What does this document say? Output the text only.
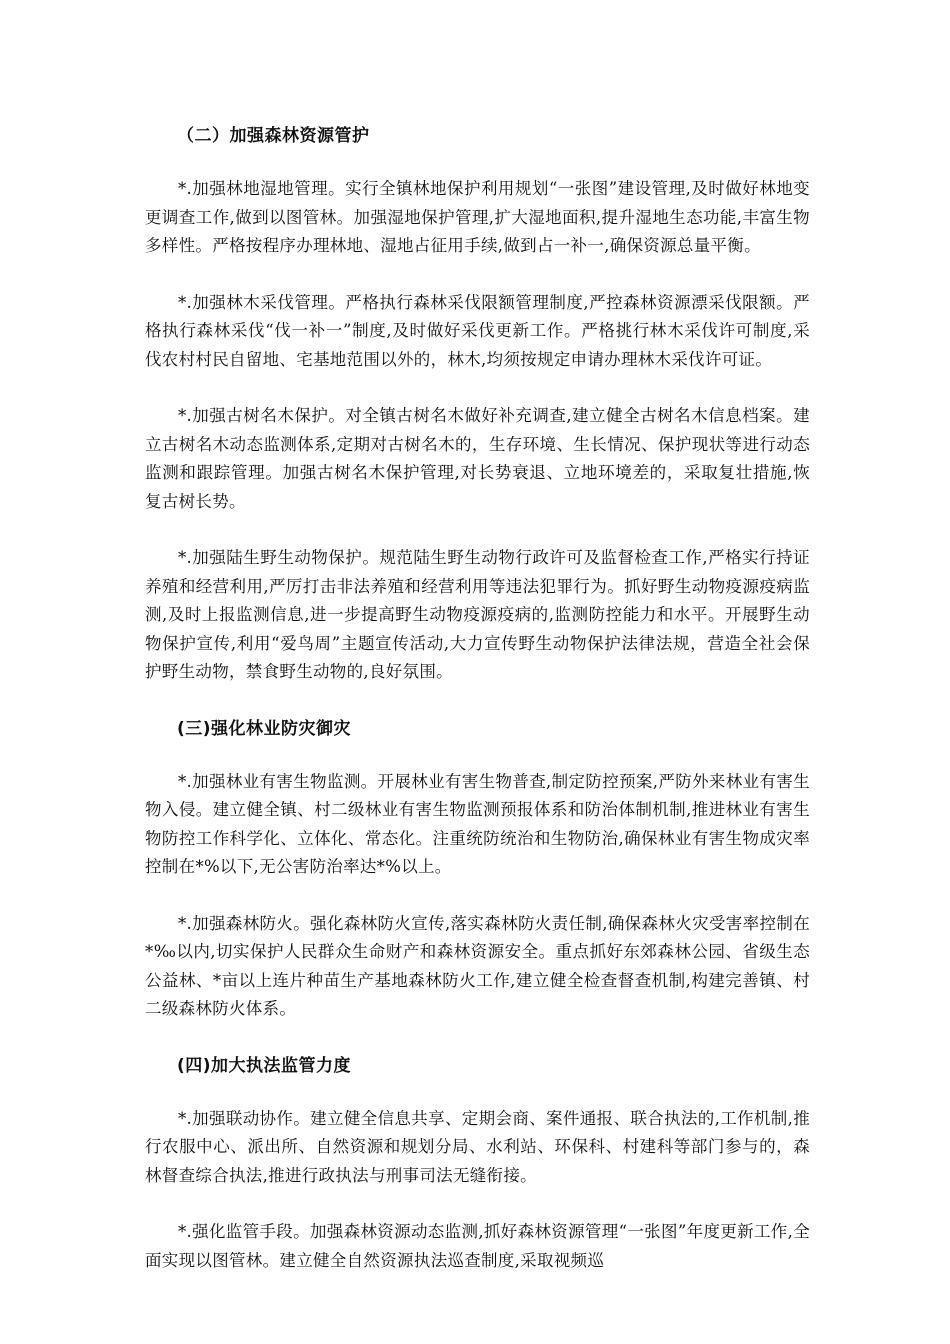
（二）加强森林资源管护

*.加强林地湿地管理。实行全镇林地保护利用规划“一张图”建设管理,及时做好林地变更调查工作,做到以图管林。加强湿地保护管理,扩大湿地面积,提升湿地生态功能,丰富生物多样性。严格按程序办理林地、湿地占征用手续,做到占一补一,确保资源总量平衡。

*.加强林木采伐管理。严格执行森林采伐限额管理制度,严控森林资源漂采伐限额。严格执行森林采伐“伐一补一”制度,及时做好采伐更新工作。严格挑行林木采伐许可制度,采伐农村村民自留地、宅基地范围以外的，林木,均须按规定申请办理林木采伐许可证。

*.加强古树名木保护。对全镇古树名木做好补充调查,建立健全古树名木信息档案。建立古树名木动态监测体系,定期对古树名木的，生存环境、生长情况、保护现状等进行动态监测和跟踪管理。加强古树名木保护管理,对长势衰退、立地环境差的，采取复壮措施,恢复古树长势。

*.加强陆生野生动物保护。规范陆生野生动物行政许可及监督检查工作,严格实行持证养殖和经营利用,严厉打击非法养殖和经营利用等违法犯罪行为。抓好野生动物疫源疫病监测,及时上报监测信息,进一步提高野生动物疫源疫病的,监测防控能力和水平。开展野生动物保护宣传,利用“爱鸟周”主题宣传活动,大力宣传野生动物保护法律法规，营造全社会保护野生动物，禁食野生动物的,良好氛围。

(三)强化林业防灾御灾

*.加强林业有害生物监测。开展林业有害生物普查,制定防控预案,严防外来林业有害生物入侵。建立健全镇、村二级林业有害生物监测预报体系和防治体制机制,推进林业有害生物防控工作科学化、立体化、常态化。注重统防统治和生物防治,确保林业有害生物成灾率控制在*%以下,无公害防治率达*%以上。

*.加强森林防火。强化森林防火宣传,落实森林防火责任制,确保森林火灾受害率控制在*‰以内,切实保护人民群众生命财产和森林资源安全。重点抓好东郊森林公园、省级生态公益林、*亩以上连片种苗生产基地森林防火工作,建立健全检查督查机制,构建完善镇、村二级森林防火体系。

(四)加大执法监管力度

*.加强联动协作。建立健全信息共享、定期会商、案件通报、联合执法的,工作机制,推行农服中心、派出所、自然资源和规划分局、水利站、环保科、村建科等部门参与的，森林督查综合执法,推进行政执法与刑事司法无缝衔接。

*.强化监管手段。加强森林资源动态监测,抓好森林资源管理“一张图”年度更新工作,全面实现以图管林。建立健全自然资源执法巡查制度,采取视频巡
